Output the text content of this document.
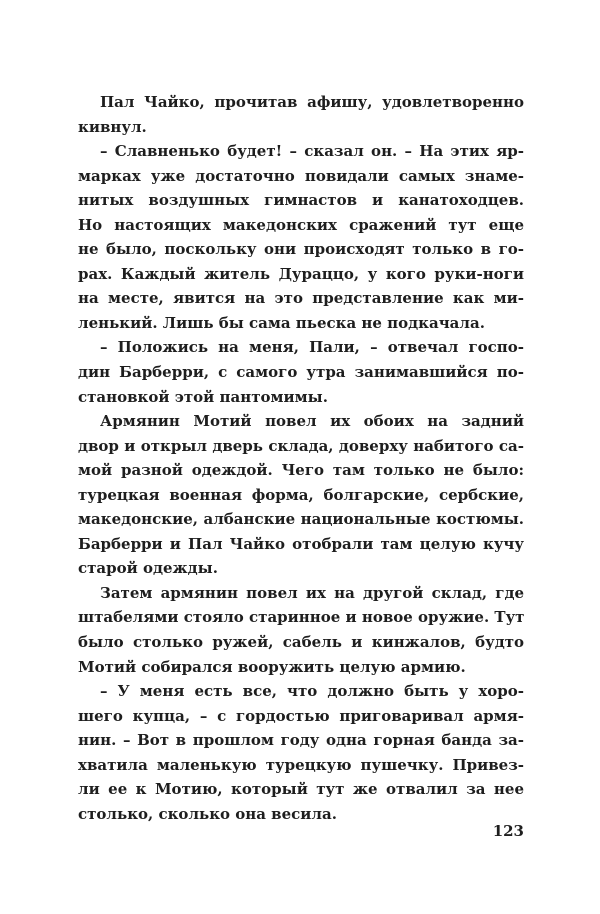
Пал Чайко, прочитав афишу, удовлетворенно
кивнул.
– Славненько будет! – сказал он. – На этих яр-
марках уже достаточно повидали самых знаме-
нитых воздушных гимнастов и канатоходцев.
Но настоящих македонских сражений тут еще
не было, поскольку они происходят только в го-
рах. Каждый житель Дураццо, у кого руки-ноги
на месте, явится на это представление как ми-
ленький. Лишь бы сама пьеска не подкачала.
– Положись на меня, Пали, – отвечал госпо-
дин Барберри, с самого утра занимавшийся по-
становкой этой пантомимы.
Армянин Мотий повел их обоих на задний
двор и открыл дверь склада, доверху набитого са-
мой разной одеждой. Чего там только не было:
турецкая военная форма, болгарские, сербские,
македонские, албанские национальные костюмы.
Барберри и Пал Чайко отобрали там целую кучу
старой одежды.
Затем армянин повел их на другой склад, где
штабелями стояло старинное и новое оружие. Тут
было столько ружей, сабель и кинжалов, будто
Мотий собирался вооружить целую армию.
– У меня есть все, что должно быть у хоро-
шего купца, – с гордостью приговаривал армя-
нин. – Вот в прошлом году одна горная банда за-
хватила маленькую турецкую пушечку. Привез-
ли ее к Мотию, который тут же отвалил за нее
столько, сколько она весила.
123
